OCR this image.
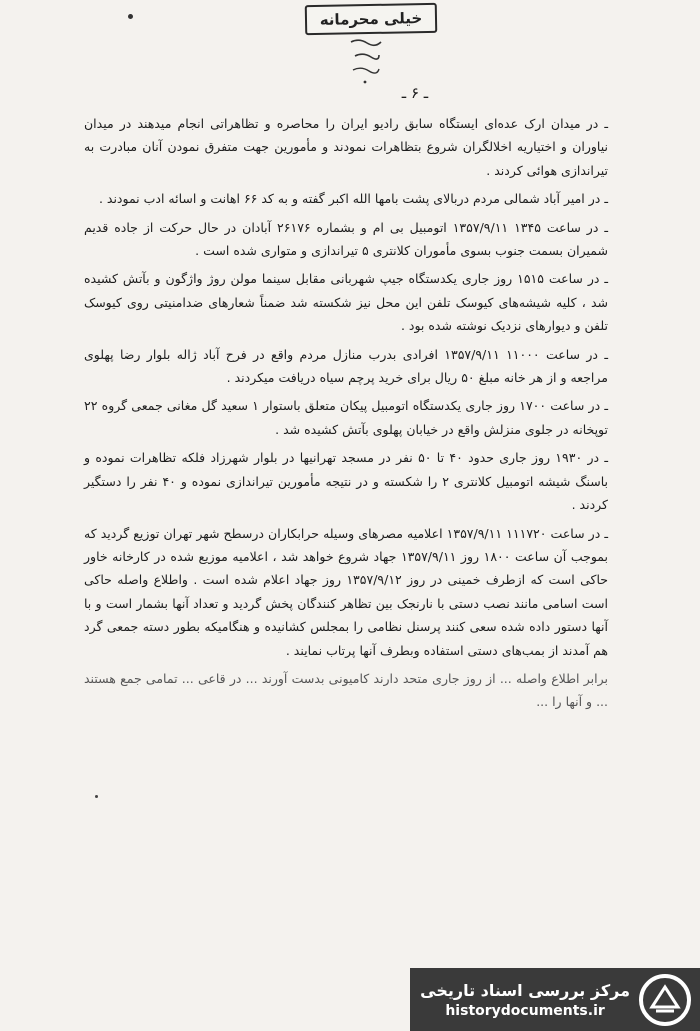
خیلی محرمانه
ـ ۶ ـ

ـ در میدان ارک عده‌ای ایستگاه سابق رادیو ایران را محاصره و تظاهراتی انجام میدهند در میدان نیاوران و اختیاریه اخلالگران شروع بتظاهرات نمودند و مأمورین جهت متفرق نمودن آنان مبادرت به تیراندازی هوائی کردند .

ـ در امیر آباد شمالی مردم دربالای پشت بامها الله اکبر گفته و به کد ۶۶ اهانت و اسائه ادب نمودند .

ـ در ساعت ۱۳۴۵ ۱۳۵۷/۹/۱۱ اتومبیل بی ام و بشماره ۲۶۱۷۶ آبادان در حال حرکت از جاده قدیم شمیران بسمت جنوب بسوی مأموران کلانتری ۵ تیراندازی و متواری شده است .

ـ در ساعت ۱۵۱۵ روز جاری یکدستگاه جیپ شهربانی مقابل سینما مولن روژ واژگون و بآتش کشیده شد ، کلیه شیشه‌های کیوسک تلفن این محل نیز شکسته شد ضمناً شعارهای ضدامنیتی روی کیوسک تلفن و دیوارهای نزدیک نوشته شده بود .

ـ در ساعت ۱۱۰۰۰ ۱۳۵۷/۹/۱۱ افرادی بدرب منازل مردم واقع در فرح آباد ژاله بلوار رضا پهلوی مراجعه و از هر خانه مبلغ ۵۰ ریال برای خرید پرچم سیاه دریافت میکردند .

ـ در ساعت ۱۷۰۰ روز جاری یکدستگاه اتومبیل پیکان متعلق باستوار ۱ سعید گل مغانی جمعی گروه ۲۲ توپخانه در جلوی منزلش واقع در خیابان پهلوی بآتش کشیده شد .

ـ در ۱۹۳۰ روز جاری حدود ۴۰ تا ۵۰ نفر در مسجد تهرانیها در بلوار شهرزاد فلکه تظاهرات نموده و باسنگ شیشه اتومبیل کلانتری ۲ را شکسته و در نتیجه مأمورین تیراندازی نموده و ۴۰ نفر را دستگیر کردند .

ـ در ساعت ۱۱۱۷۲۰ ۱۳۵۷/۹/۱۱ اعلامیه مصرهای وسیله حرابکاران درسطح شهر تهران توزیع گردید که بموجب آن ساعت ۱۸۰۰ روز ۱۳۵۷/۹/۱۱ جهاد شروع خواهد شد ، اعلامیه موزیع شده در کارخانه خاور حاکی است که ازطرف خمینی در روز ۱۳۵۷/۹/۱۲ روز جهاد اعلام شده است . واطلاع واصله حاکی است اسامی مانند نصب دستی با نارنجک بین تظاهر کنندگان پخش گردید و تعداد آنها بشمار است و با آنها دستور داده شده سعی کنند پرسنل نظامی را بمجلس کشانیده و هنگامیکه بطور دسته جمعی گرد هم آمدند از بمب‌های دستی استفاده وبطرف آنها پرتاب نمایند .

برابر اطلاع واصله ... از روز جاری متحد دارند کامیونی بدست آورند ... در قاعی ... تمامی جمع هستند ... و آنها را ...

مرکز بررسی اسناد تاریخی
historydocuments.ir
